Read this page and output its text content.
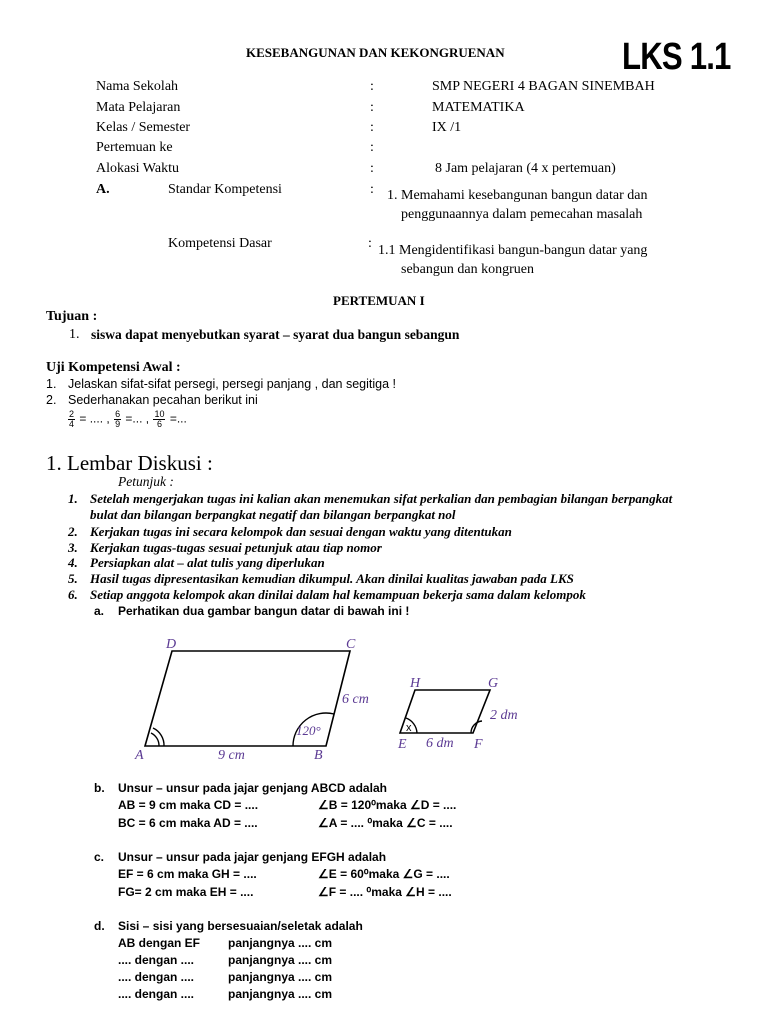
KESEBANGUNAN DAN KEKONGRUENAN	LKS 1.1
Nama Sekolah	:	SMP NEGERI 4 BAGAN SINEMBAH
Mata Pelajaran	:	MATEMATIKA
Kelas / Semester	:	IX /1
Pertemuan ke	:
Alokasi Waktu	:	8 Jam pelajaran (4 x pertemuan)
A.	Standar Kompetensi	: 1. Memahami kesebangunan bangun datar dan
penggunaannya dalam pemecahan masalah
Kompetensi Dasar	: 1.1 Mengidentifikasi bangun-bangun datar yang
sebangun dan kongruen
PERTEMUAN I
Tujuan :
1. siswa dapat menyebutkan syarat – syarat dua bangun sebangun
Uji Kompetensi Awal :
1. Jelaskan sifat-sifat persegi, persegi panjang , dan segitiga !
2. Sederhanakan pecahan berikut ini
$\frac{2}{4}$ = .... , $\frac{6}{9}$ =... , $\frac{10}{6}$ =...
1. Lembar Diskusi :
Petunjuk :
1. Setelah mengerjakan tugas ini kalian akan menemukan sifat perkalian dan pembagian bilangan berpangkat
bulat dan bilangan berpangkat negatif dan bilangan berpangkat nol
2. Kerjakan tugas ini secara kelompok dan sesuai dengan waktu yang ditentukan
3. Kerjakan tugas-tugas sesuai petunjuk atau tiap nomor
4. Persiapkan alat – alat tulis yang diperlukan
5. Hasil tugas dipresentasikan kemudian dikumpul. Akan dinilai kualitas jawaban pada LKS
6. Setiap anggota kelompok akan dinilai dalam hal kemampuan bekerja sama dalam kelompok
a. Perhatikan dua gambar bangun datar di bawah ini !
A	B
C
D
9 cm
6 cm
120°
E	F
G
H
6 dm
2 dm
x
b. Unsur – unsur pada jajar genjang ABCD adalah
AB = 9 cm maka CD = ....	∠B = 120⁰maka ∠D = ....
BC = 6 cm maka AD = ....	∠A = .... ⁰maka ∠C = ....
c. Unsur – unsur pada jajar genjang EFGH adalah
EF = 6 cm maka GH = ....	∠E = 60⁰maka ∠G = ....
FG= 2 cm maka EH = ....	∠F = .... ⁰maka ∠H = ....
d. Sisi – sisi yang bersesuaian/seletak adalah
AB dengan EF panjangnya .... cm
.... dengan ....	panjangnya .... cm
.... dengan ....	panjangnya .... cm
.... dengan ....	panjangnya .... cm
